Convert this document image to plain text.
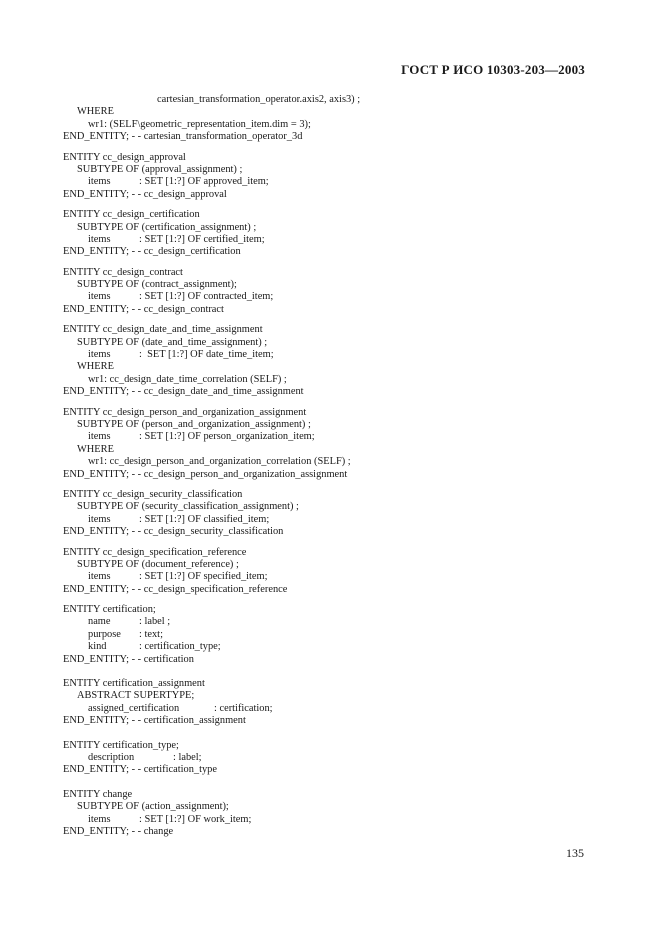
ГОСТ Р ИСО 10303-203—2003
cartesian_transformation_operator.axis2, axis3) ;
WHERE
wr1: (SELF\geometric_representation_item.dim = 3);
END_ENTITY; - - cartesian_transformation_operator_3d
ENTITY cc_design_approval
SUBTYPE OF (approval_assignment) ;
items	: SET [1:?] OF approved_item;
END_ENTITY; - - cc_design_approval
ENTITY cc_design_certification
SUBTYPE OF (certification_assignment) ;
items	: SET [1:?] OF certified_item;
END_ENTITY; - - cc_design_certification
ENTITY cc_design_contract
SUBTYPE OF (contract_assignment);
items	: SET [1:?] OF contracted_item;
END_ENTITY; - - cc_design_contract
ENTITY cc_design_date_and_time_assignment
SUBTYPE OF (date_and_time_assignment) ;
items	:  SET [1:?] OF date_time_item;
WHERE
wr1: cc_design_date_time_correlation (SELF) ;
END_ENTITY; - - cc_design_date_and_time_assignment
ENTITY cc_design_person_and_organization_assignment
SUBTYPE OF (person_and_organization_assignment) ;
items	: SET [1:?] OF person_organization_item;
WHERE
wr1: cc_design_person_and_organization_correlation (SELF) ;
END_ENTITY; - - cc_design_person_and_organization_assignment
ENTITY cc_design_security_classification
SUBTYPE OF (security_classification_assignment) ;
items	: SET [1:?] OF classified_item;
END_ENTITY; - - cc_design_security_classification
ENTITY cc_design_specification_reference
SUBTYPE OF (document_reference) ;
items	: SET [1:?] OF specified_item;
END_ENTITY; - - cc_design_specification_reference
ENTITY certification;
name	: label ;
purpose	: text;
kind	: certification_type;
END_ENTITY; - - certification
ENTITY certification_assignment
ABSTRACT SUPERTYPE;
assigned_certification	: certification;
END_ENTITY; - - certification_assignment
ENTITY certification_type;
description	: label;
END_ENTITY; - - certification_type
ENTITY change
SUBTYPE OF (action_assignment);
items	: SET [1:?] OF work_item;
END_ENTITY; - - change
135
